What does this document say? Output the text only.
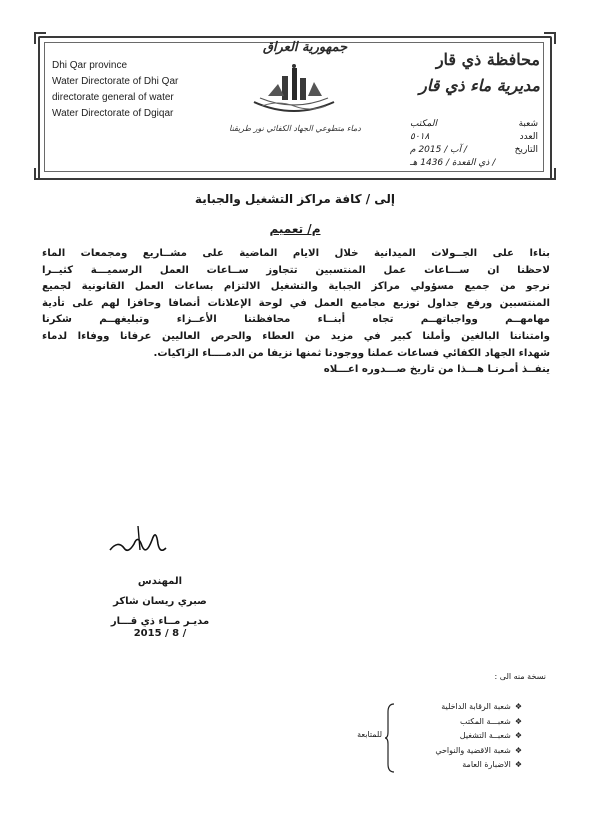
Dhi Qar province
Water Directorate of Dhi Qar
directorate general of water
Water Directorate of Dgiqar
جمهورية العراق
دماء متطوعي الجهاد الكفائي نور طريقنا
محافظة ذي قار
مديرية ماء ذي قار
شعبة
المكتب
العدد
٥٠١٨
التاريخ
/ آب / 2015 م
/ ذي القعدة / 1436 هـ
إلى / كافة مراكز التشغيل والجباية
م/ تعميم
بناءا على الجــولات الميدانية خلال الايام الماضية على مشــاريع ومجمعات الماء
لاحظنا ان ســـاعات عمل المنتسبين تتجاوز ســاعات العمل الرسميـــة كثيــرا
نرجو من جميع مسؤولي مراكز الجباية والتشغيل الالتزام بساعات العمل القانونية لجميع
المنتسبين ورفع جداول توزيع مجاميع العمل في لوحة الإعلانات أنصافا وحافزا لهم على تأدية
مهامهــم وواجباتهــم تجاه أبنــاء محافظتنا الأعــزاء وتبليغهــم شكرنا
وامتناننا البالغين وأملنا كبير في مزيد من العطاء والحرص العاليين عرفانا ووفاءا لدماء
شهداء الجهاد الكفائي فساعات عملنا ووجودنا ثمنها نزيفا من الدمــــاء الزاكيات.
ينفــذ أمـرنـا هـــذا من تاريخ صـــدوره اعـــلاه
المهندس
صبري ريسان شاكر
مديـر مــاء ذي قـــار
2015 / 8 /
نسخة منه الى :
❖
شعبة الرقابة الداخلية
❖
شعبـــة المكتب
❖
شعبــة التشغيل
❖
شعبة الاقضية والنواحي
❖
الاضبارة العامة
للمتابعة
